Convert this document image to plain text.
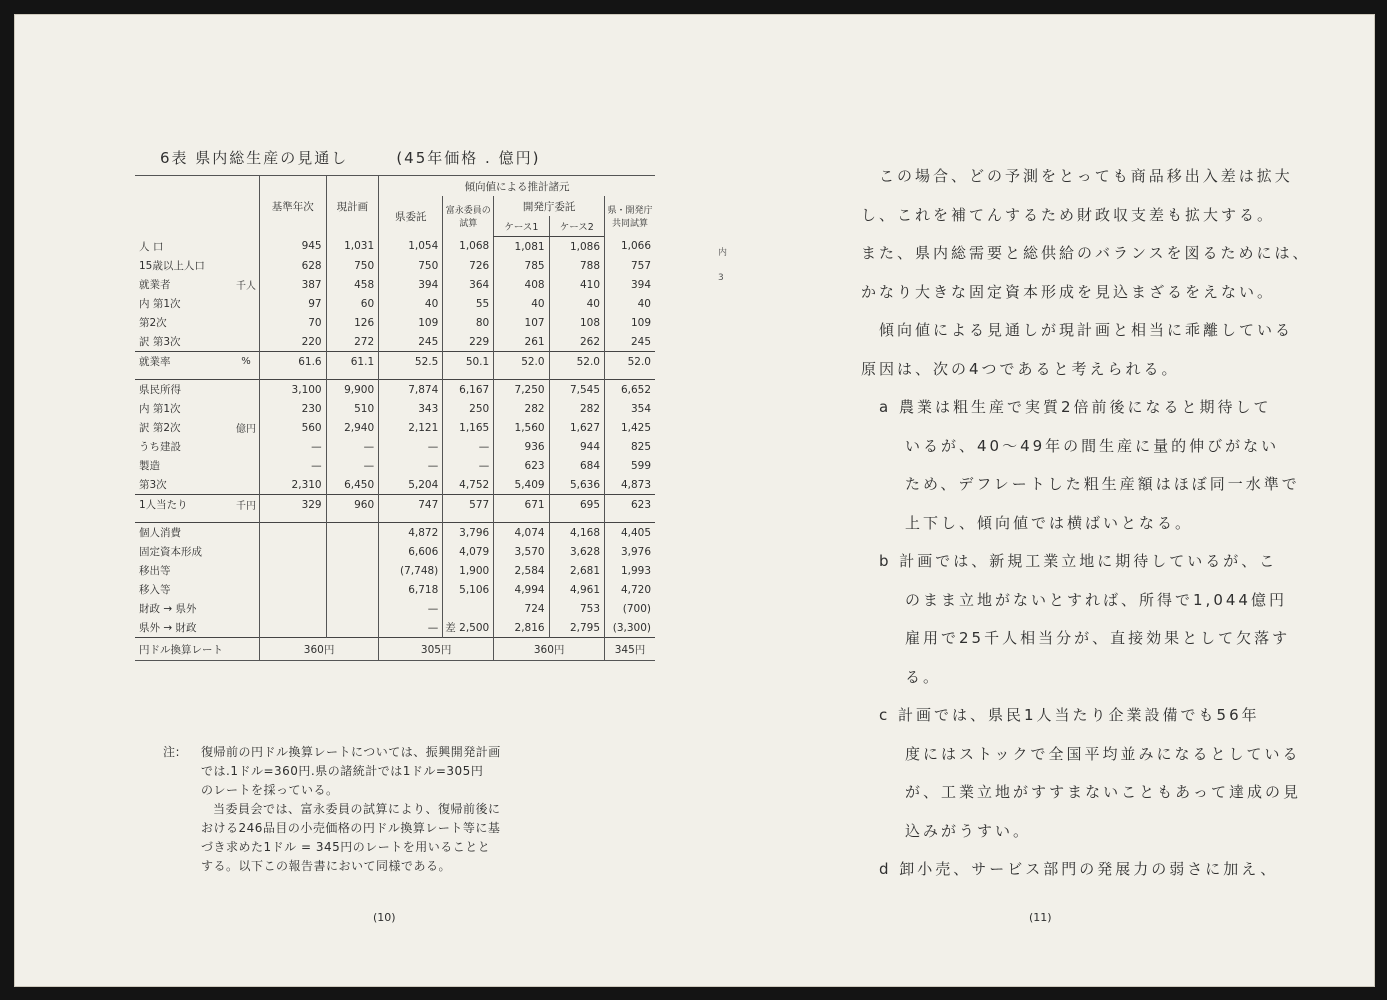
6表 県内総生産の見通し	(45年価格 . 億円)
		基準年次	現計画	傾向値による推計諸元				
				県委託	富永委員の試算	開発庁委託		県・開発庁共同試算
						ケース1	ケース2	
人 口		945	1,031	1,054	1,068	1,081	1,086	1,066
15歳以上人口		628	750	750	726	785	788	757
就業者	千人	387	458	394	364	408	410	394
内 第1次		97	60	40	55	40	40	40
第2次		70	126	109	80	107	108	109
訳 第3次		220	272	245	229	261	262	245
就業率	%	61.6	61.1	52.5	50.1	52.0	52.0	52.0

県民所得		3,100	9,900	7,874	6,167	7,250	7,545	6,652
内 第1次		230	510	343	250	282	282	354
訳 第2次	億円	560	2,940	2,121	1,165	1,560	1,627	1,425
うち建設		—	—	—	—	936	944	825
製造		—	—	—	—	623	684	599
第3次		2,310	6,450	5,204	4,752	5,409	5,636	4,873
1人当たり	千円	329	960	747	577	671	695	623

個人消費				4,872	3,796	4,074	4,168	4,405
固定資本形成				6,606	4,079	3,570	3,628	3,976
移出等				(7,748)	1,900	2,584	2,681	1,993
移入等				6,718	5,106	4,994	4,961	4,720
財政 → 県外				—		724	753	(700)
県外 → 財政				—	差 2,500	2,816	2,795	(3,300)
円ドル換算レート		360円		305円		360円		345円
注: 復帰前の円ドル換算レートについては、振興開発計画
では.1ドル=360円.県の諸統計では1ドル=305円
のレートを採っている。
当委員会では、富永委員の試算により、復帰前後に
おける246品目の小売価格の円ドル換算レート等に基
づき求めた1ドル = 345円のレートを用いることと
する。以下この報告書において同様である。
(10)
内
3

この場合、どの予測をとっても商品移出入差は拡大

し、これを補てんするため財政収支差も拡大する。

また、県内総需要と総供給のバランスを図るためには、

かなり大きな固定資本形成を見込まざるをえない。

傾向値による見通しが現計画と相当に乖離している

原因は、次の4つであると考えられる。

a 農業は粗生産で実質2倍前後になると期待して

いるが、40〜49年の間生産に量的伸びがない

ため、デフレートした粗生産額はほぼ同一水準で

上下し、傾向値では横ばいとなる。

b 計画では、新規工業立地に期待しているが、こ

のまま立地がないとすれば、所得で1,044億円

雇用で25千人相当分が、直接効果として欠落す

る。

c 計画では、県民1人当たり企業設備でも56年

度にはストックで全国平均並みになるとしている

が、工業立地がすすまないこともあって達成の見

込みがうすい。

d 卸小売、サービス部門の発展力の弱さに加え、

(11)
